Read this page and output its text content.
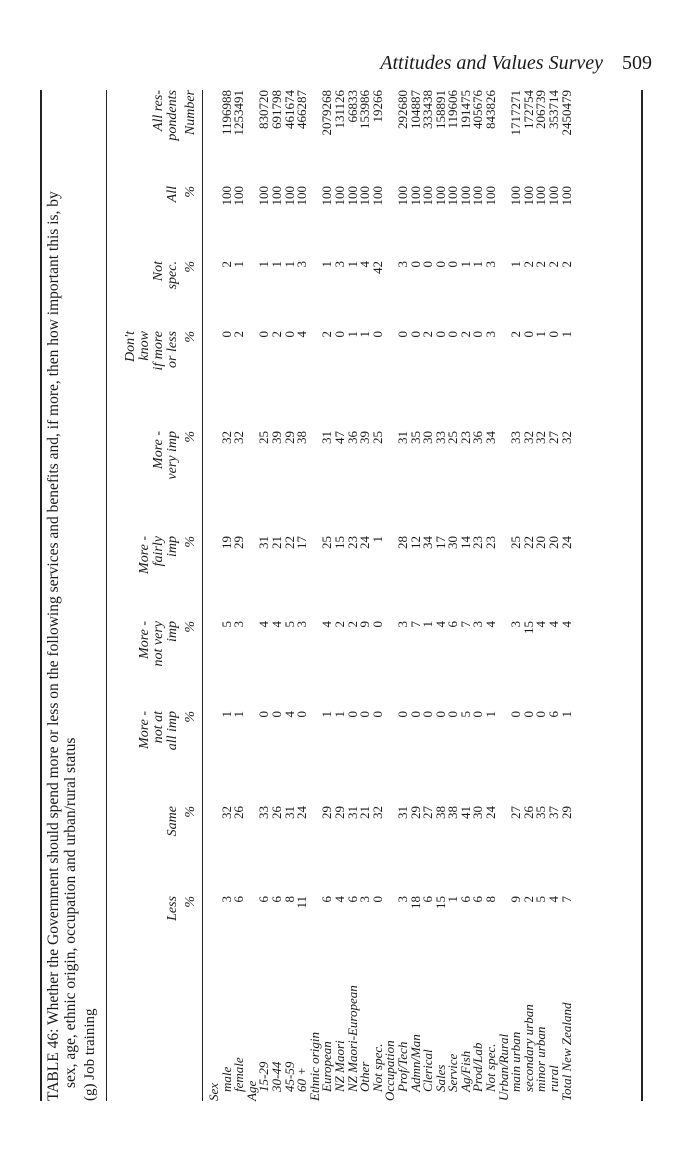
Attitudes and Values Survey 509
TABLE 46: Whether the Government should spend more or less on the following services and benefits and, if more, then how important this is, by sex, age, ethnic origin, occupation and urban/rural status (g) Job training
Less %
Same %
More - not at all imp %
More - not very imp %
More - fairly imp %
More - very imp %
Don't know if more or less %
Not spec. %
All %
All res- pondents Number
Sex
male
3
32
1
5
19
32
0
2
100
1196988
female
6
26
1
3
29
32
2
1
100
1253491
Age
15-29
6
33
0
4
31
25
0
1
100
830720
30-44
6
26
0
4
21
39
2
1
100
691798
45-59
8
31
4
5
22
29
0
1
100
461674
60 +
11
24
0
3
17
38
4
3
100
466287
Ethnic origin
European
6
29
1
4
25
31
2
1
100
2079268
NZ Maori
4
29
1
2
15
47
0
3
100
131126
NZ Maori-European
6
31
0
2
23
36
1
1
100
66833
Other
3
21
0
9
24
39
1
4
100
153986
Not spec.
0
32
0
0
1
25
0
42
100
19266
Occupation
Prof/Tech
3
31
0
3
28
31
0
3
100
292680
Admn/Man
18
29
0
7
12
35
0
0
100
104887
Clerical
6
27
0
1
34
30
2
0
100
333438
Sales
15
38
0
4
17
33
0
0
100
158891
Service
1
38
0
6
30
25
0
0
100
119606
Ag/Fish
6
41
5
7
14
23
2
1
100
191475
Prod/Lab
6
30
0
3
23
36
0
1
100
405676
Not spec.
8
24
1
4
23
34
3
3
100
843826
Urban/Rural
main urban
9
27
0
3
25
33
2
1
100
1717271
secondary urban
2
26
0
15
22
32
0
2
100
172754
minor urban
5
35
0
4
20
32
1
2
100
206739
rural
4
37
6
4
20
27
0
2
100
353714
Total New Zealand
7
29
1
4
24
32
1
2
100
2450479
